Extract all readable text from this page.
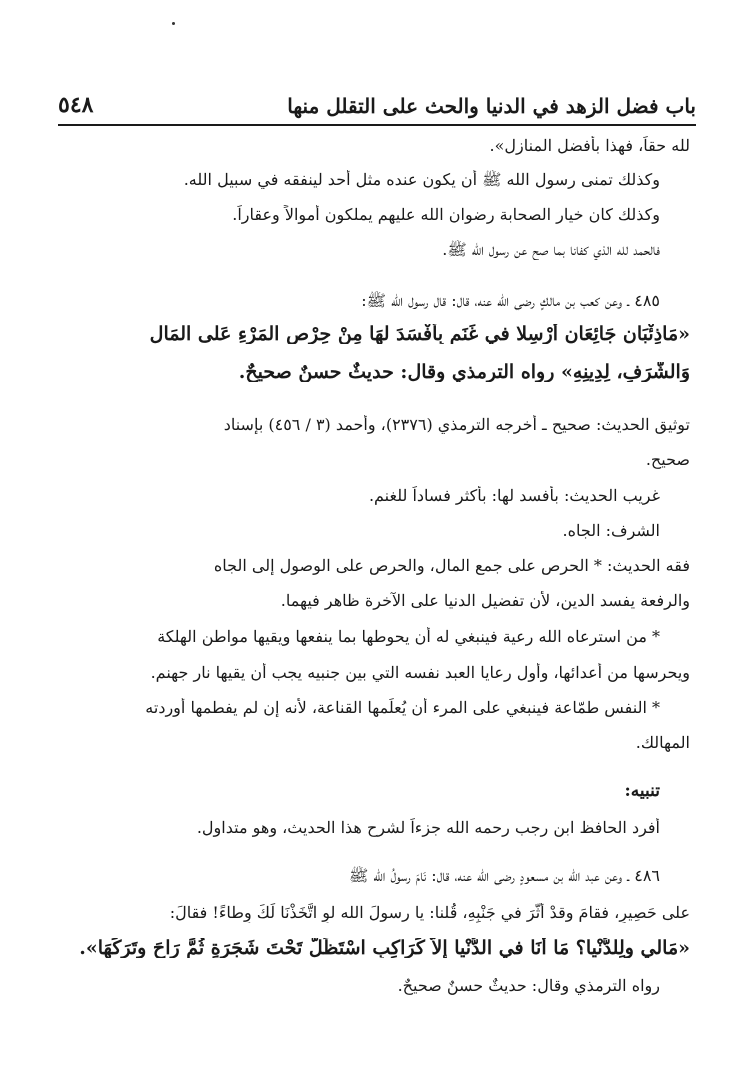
باب فضل الزهد في الدنيا والحث على التقلل منها
٥٤٨
لله حقاً، فهذا بأفضل المنازل».
وكذلك تمنى رسول الله ﷺ أن يكون عنده مثل أحد لينفقه في سبيل الله.
وكذلك كان خيار الصحابة رضوان الله عليهم يملكون أموالاً وعقاراً.
فالحمد لله الذي كفانا بما صح عن رسول الله ﷺ.
٤٨٥ ـ وعن كعب بن مالكٍ رضي الله عنه، قال: قال رسول الله ﷺ:
«مَاذِئْبَانِ جَائِعَانِ أُرْسِلا في غَنَمٍ بِأَفْسَدَ لهَا مِنْ حِرْصِ المَرْءِ عَلى المَالِ
وَالشَّرَفِ، لِدِينِهِ» رواه الترمذي وقال: حديثٌ حسنٌ صحيحٌ.
توثيق الحديث: صحيح ـ أخرجه الترمذي (٢٣٧٦)، وأحمد (٣ / ٤٥٦) بإسناد
صحيح.
غريب الحديث: بأفسد لها: بأكثر فساداً للغنم.
الشرف: الجاه.
فقه الحديث: * الحرص على جمع المال، والحرص على الوصول إلى الجاه
والرفعة يفسد الدين، لأن تفضيل الدنيا على الآخرة ظاهر فيهما.
* من استرعاه الله رعية فينبغي له أن يحوطها بما ينفعها ويقيها مواطن الهلكة
ويحرسها من أعدائها، وأول رعايا العبد نفسه التي بين جنبيه يجب أن يقيها نار جهنم.
* النفس طمّاعة فينبغي على المرء أن يُعلِّمها القناعة، لأنه إن لم يفطمها أوردته
المهالك.
تنبيه:
أفرد الحافظ ابن رجب رحمه الله جزءاً لشرح هذا الحديث، وهو متداول.
٤٨٦ ـ وعن عبد الله بن مسعودٍ رضي الله عنه، قال: نَامَ رسولُ الله ﷺ
على حَصِيرٍ، فقامَ وقدْ أثَّرَ في جَنْبِهِ، قُلنا: يا رسولَ الله لوِ اتَّخَذْنَا لَكَ وِطاءً! فقالَ:
«مَالي ولِلدُّنْيا؟ مَا أنَا في الدُّنْيا إلاَّ كَرَاكِبٍ اسْتَظَلَّ تَحْتَ شَجَرَةٍ ثُمَّ رَاحَ وتَرَكَهَا».
رواه الترمذي وقال: حديثٌ حسنٌ صحيحٌ.
